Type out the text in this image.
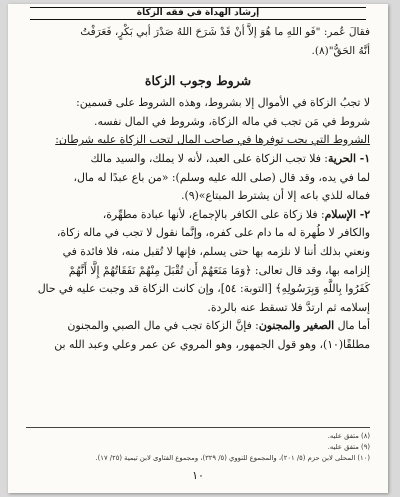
إرشاد الهداة في فقه الزكاة

فقالَ عُمر: "فَو اللهِ ما هُوَ إلاَّ أنْ قَدْ شَرَحَ اللهُ صَدْرَ أبي بَكْرٍ، فَعَرَفْتُ

أنَّهُ الحَقُّ"(٨).

شروط وجوب الزكاة

لا تجبُ الزكاة في الأموال إلا بشروط، وهذه الشروط على قسمين:

شروط في مَن تجب في ماله الزكاة، وشروط في المال نفسه.

الشروط التي يجب توفرها في صاحب المال لتجب الزكاة عليه شرطان:

١- الحرية: فلا تجب الزكاة على العبد، لأنه لا يملك، والسيد مالك

لما في يده، وقد قال (صلى الله عليه وسلم): «من باع عبدًا له مال،

فماله للذي باعه إلا أن يشترط المبتاع»(٩).

٢- الإسلام: فلا زكاة على الكافر بالإجماع، لأنها عبادة مطهِّرة،

والكافر لا طُهرة له ما دام على كفره، وإنَّما نقول لا تجب في ماله زكاة،

ونعني بذلك أننا لا نلزمه بها حتى يسلم، فإنها لا تُقبل منه، فلا فائدة في

إلزامه بها، وقد قال تعالى: ﴿وَمَا مَنَعَهُمْ أَن تُقْبَلَ مِنْهُمْ نَفَقَاتُهُمْ إِلَّا أَنَّهُمْ

كَفَرُوا بِاللَّهِ وَبِرَسُولِهِ﴾ [التوبة: ٥٤]، وإن كانت الزكاة قد وجبت عليه في حال

إسلامه ثم ارتدَّ فلا تسقط عنه بالردة.

أما مال الصغير والمجنون: فإنَّ الزكاة تجب في مال الصبي والمجنون

مطلقًا(١٠)، وهو قول الجمهور، وهو المروي عن عمر وعلي وعبد الله بن

(٨) متفق عليه.
(٩) متفق عليه.
(١٠) المحلى لابن حزم (٥/ ٢٠١)، والمجموع للنووي (٥/ ٣٢٩)، ومجموع الفتاوى لابن تيمية (٢٥/ ١٧).
١٠
